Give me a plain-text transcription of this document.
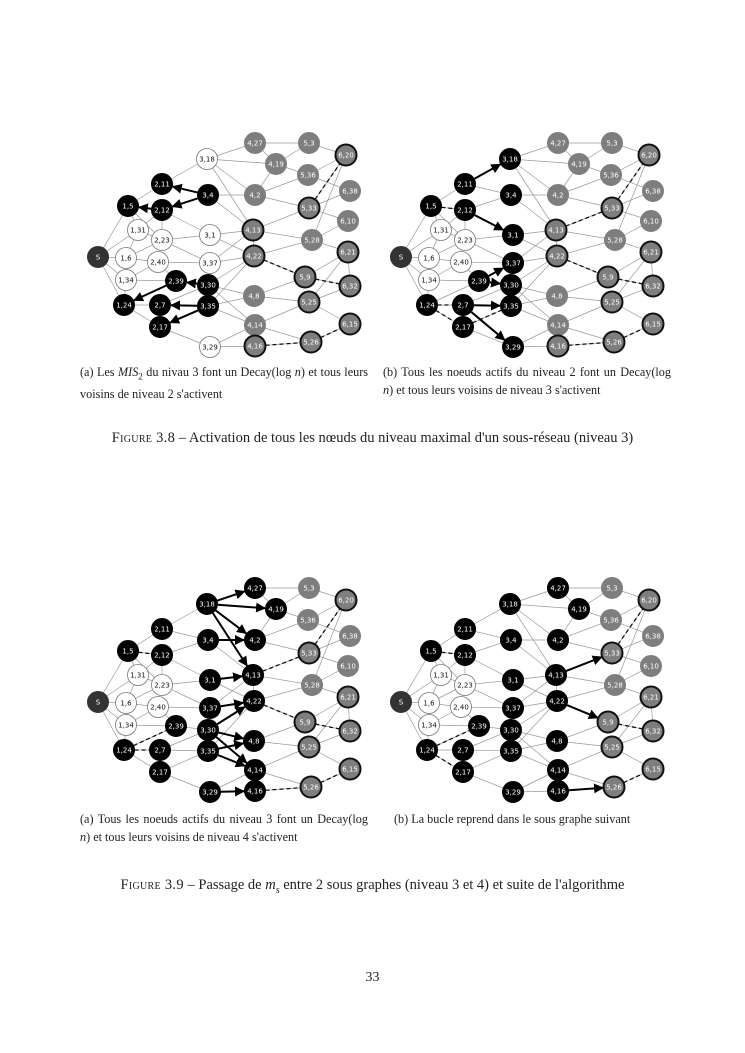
S
1,5
1,31
1,6
1,34
1,24
2,11
2,12
2,23
2,40
2,39
2,7
2,17
3,18
3,4
3,1
3,37
3,30
3,35
3,29
4,27
4,19
4,2
4,13
4,22
4,8
4,14
4,16
5,3
5,36
5,33
5,28
5,9
5,25
5,26
6,20
6,38
6,10
6,21
6,32
6,15
S
1,5
1,31
1,6
1,34
1,24
2,11
2,12
2,23
2,40
2,39
2,7
2,17
3,18
3,4
3,1
3,37
3,30
3,35
3,29
4,27
4,19
4,2
4,13
4,22
4,8
4,14
4,16
5,3
5,36
5,33
5,28
5,9
5,25
5,26
6,20
6,38
6,10
6,21
6,32
6,15
(a) Les $MIS_2$ du nivau 3 font un Decay(log n) et tous leurs voisins de niveau 2 s'activent
(b) Tous les noeuds actifs du niveau 2 font un Decay(log n) et tous leurs voisins de niveau 3 s'activent
Figure 3.8 – Activation de tous les nœuds du niveau maximal d'un sous-réseau (niveau 3)
S
1,5
1,31
1,6
1,34
1,24
2,11
2,12
2,23
2,40
2,39
2,7
2,17
3,18
3,4
3,1
3,37
3,30
3,35
3,29
4,27
4,19
4,2
4,13
4,22
4,8
4,14
4,16
5,3
5,36
5,33
5,28
5,9
5,25
5,26
6,20
6,38
6,10
6,21
6,32
6,15
S
1,5
1,31
1,6
1,34
1,24
2,11
2,12
2,23
2,40
2,39
2,7
2,17
3,18
3,4
3,1
3,37
3,30
3,35
3,29
4,27
4,19
4,2
4,13
4,22
4,8
4,14
4,16
5,3
5,36
5,33
5,28
5,9
5,25
5,26
6,20
6,38
6,10
6,21
6,32
6,15
(a) Tous les noeuds actifs du niveau 3 font un Decay(log n) et tous leurs voisins de niveau 4 s'activent
(b) La bucle reprend dans le sous graphe suivant
Figure 3.9 – Passage de $m_s$ entre 2 sous graphes (niveau 3 et 4) et suite de l'algorithme
33
